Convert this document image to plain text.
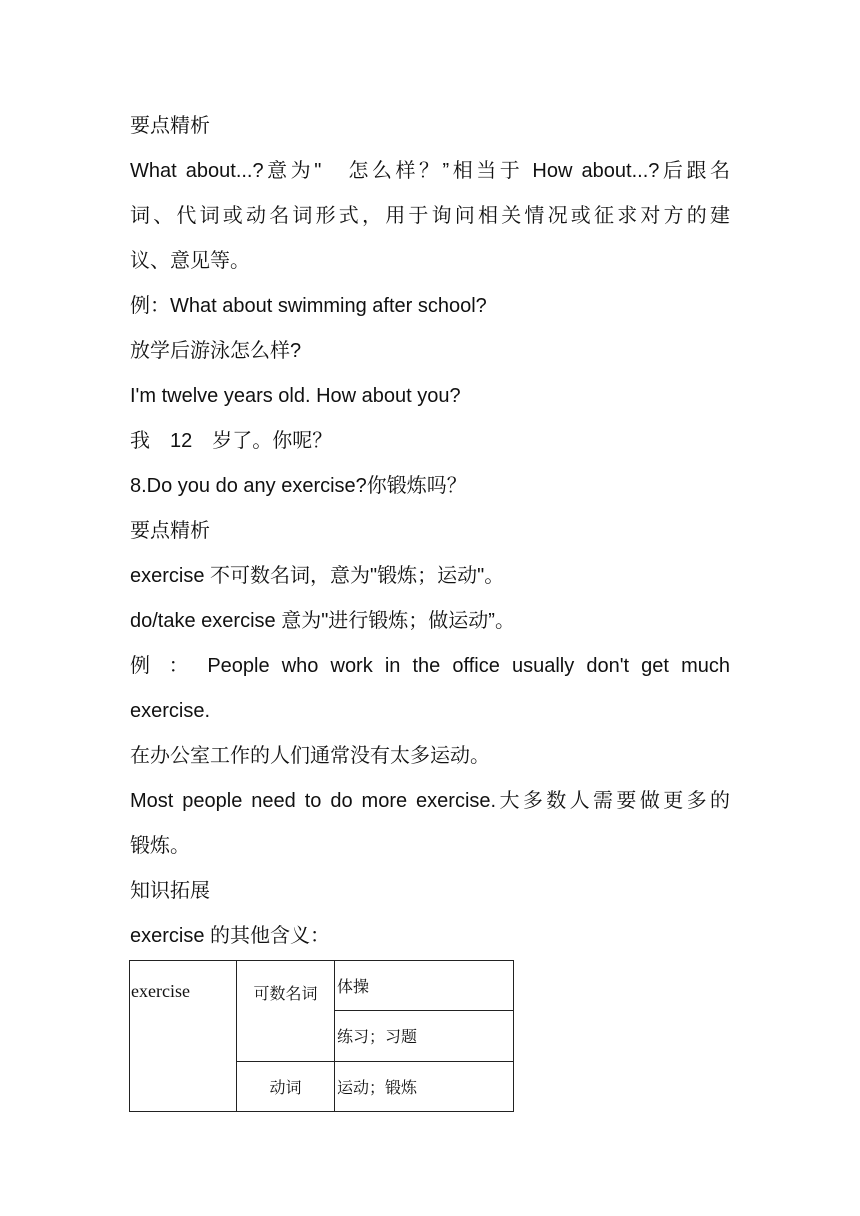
要点精析
What about...?意为"　怎么样？”相当于 How about...?后跟名
词、代词或动名词形式，用于询问相关情况或征求对方的建
议、意见等。
例：What about swimming after school?
放学后游泳怎么样?
I'm twelve years old. How about you?
我　12　岁了。你呢？
8.Do you do any exercise?你锻炼吗？
要点精析
exercise 不可数名词，意为"锻炼；运动"。
do/take exercise 意为"进行锻炼；做运动”。
例 ： People who work in the office usually don't get much
exercise.
在办公室工作的人们通常没有太多运动。
Most people need to do more exercise.大多数人需要做更多的
锻炼。
知识拓展
exercise 的其他含义：
exercise	可数名词	体操
		练习；习题
	动词	运动；锻炼
